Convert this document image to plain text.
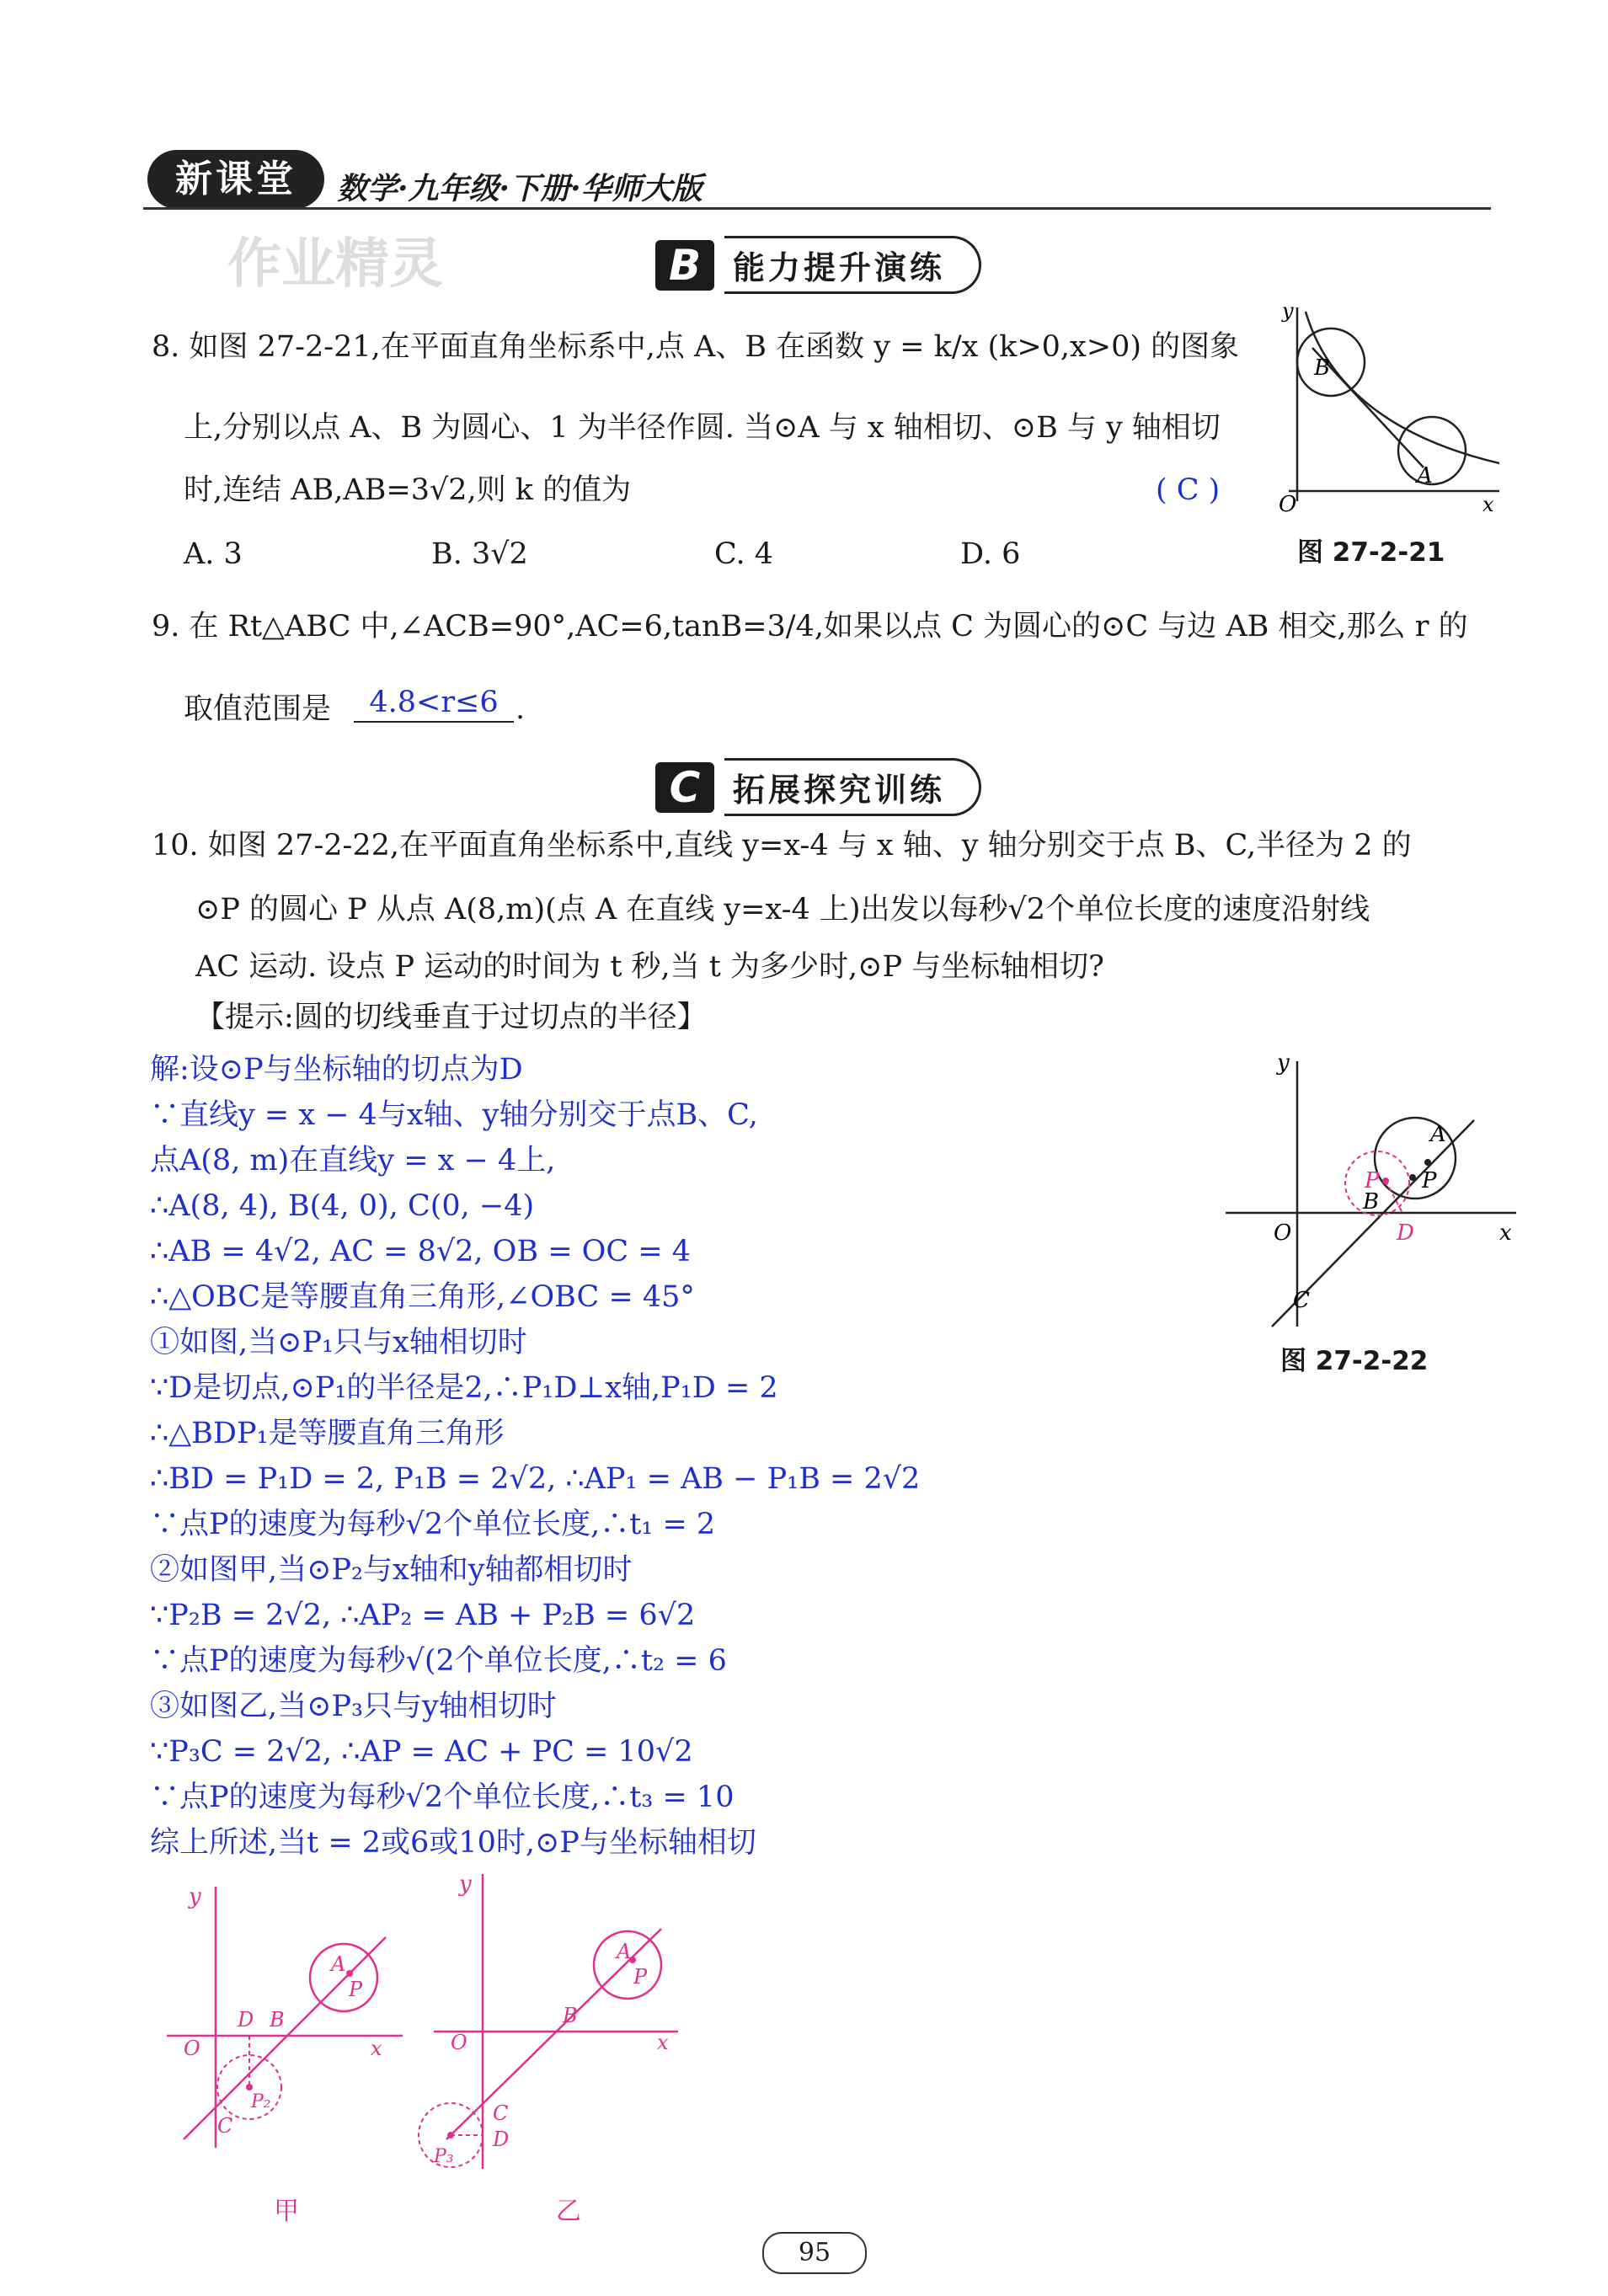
新课堂	数学·九年级·下册·华师大版
作业精灵	B 能力提升演练
8. 如图 27-2-21,在平面直角坐标系中,点 A、B 在函数 y = k/x (k>0,x>0) 的图象
上,分别以点 A、B 为圆心、1 为半径作圆. 当⊙A 与 x 轴相切、⊙B 与 y 轴相切
时,连结 AB,AB=3√2,则 k 的值为	( C )
A. 3	B. 3√2	C. 4	D. 6
y
B
A
O	x
图 27-2-21
9. 在 Rt△ABC 中,∠ACB=90°,AC=6,tanB=3/4,如果以点 C 为圆心的⊙C 与边 AB 相交,那么 r 的
取值范围是	4.8<r≤6 .
C	拓展探究训练
10. 如图 27-2-22,在平面直角坐标系中,直线 y=x-4 与 x 轴、y 轴分别交于点 B、C,半径为 2 的
⊙P 的圆心 P 从点 A(8,m)(点 A 在直线 y=x-4 上)出发以每秒√2个单位长度的速度沿射线
AC 运动. 设点 P 运动的时间为 t 秒,当 t 为多少时,⊙P 与坐标轴相切?
【提示:圆的切线垂直于过切点的半径】
y
A
P
P
B
D
O	x
C
图 27-2-22
解:设⊙P与坐标轴的切点为D
∵直线y = x − 4与x轴、y轴分别交于点B、C,
点A(8, m)在直线y = x − 4上,
∴A(8, 4), B(4, 0), C(0, −4)
∴AB = 4√2, AC = 8√2, OB = OC = 4
∴△OBC是等腰直角三角形,∠OBC = 45°
①如图,当⊙P₁只与x轴相切时
∵D是切点,⊙P₁的半径是2,∴P₁D⊥x轴,P₁D = 2
∴△BDP₁是等腰直角三角形
∴BD = P₁D = 2, P₁B = 2√2, ∴AP₁ = AB − P₁B = 2√2
∵点P的速度为每秒√2个单位长度,∴t₁ = 2
②如图甲,当⊙P₂与x轴和y轴都相切时
∵P₂B = 2√2, ∴AP₂ = AB + P₂B = 6√2
∵点P的速度为每秒√(2个单位长度,∴t₂ = 6
③如图乙,当⊙P₃只与y轴相切时
∵P₃C = 2√2, ∴AP = AC + PC = 10√2
∵点P的速度为每秒√2个单位长度,∴t₃ = 10
综上所述,当t = 2或6或10时,⊙P与坐标轴相切
y
A
P
D B
O	x
P₂
C
甲
y
A
P
B
O	x
C
D
P₃
乙
95
